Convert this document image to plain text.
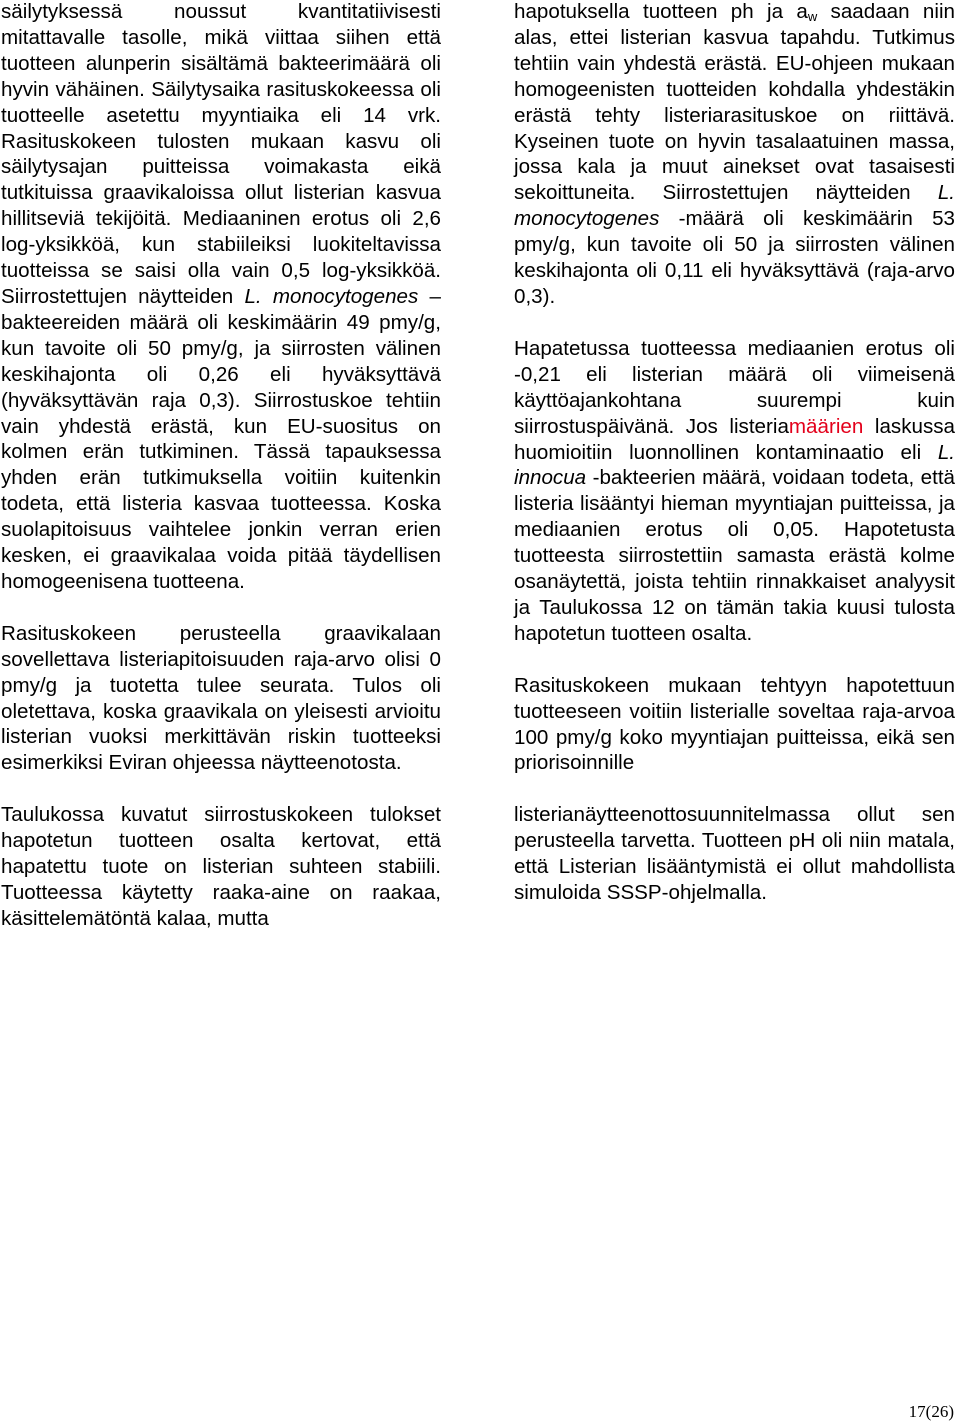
säilytyksessä noussut kvantitatiivisesti mitattavalle tasolle, mikä viittaa siihen että tuotteen alunperin sisältämä bakteerimäärä oli hyvin vähäinen. Säilytysaika rasituskokeessa oli tuotteelle asetettu myyntiaika eli 14 vrk. Rasituskokeen tulosten mukaan kasvu oli säilytysajan puitteissa voimakasta eikä tutkituissa graavikaloissa ollut listerian kasvua hillitseviä tekijöitä. Mediaaninen erotus oli 2,6 log-yksikköä, kun stabiileiksi luokiteltavissa tuotteissa se saisi olla vain 0,5 log-yksikköä. Siirrostettujen näytteiden L. monocytogenes –bakteereiden määrä oli keskimäärin 49 pmy/g, kun tavoite oli 50 pmy/g, ja siirrosten välinen keskihajonta oli 0,26 eli hyväksyttävä (hyväksyttävän raja 0,3). Siirrostuskoe tehtiin vain yhdestä erästä, kun EU-suositus on kolmen erän tutkiminen. Tässä tapauksessa yhden erän tutkimuksella voitiin kuitenkin todeta, että listeria kasvaa tuotteessa. Koska suolapitoisuus vaihtelee jonkin verran erien kesken, ei graavikalaa voida pitää täydellisen homogeenisena tuotteena.

Rasituskokeen perusteella graavikalaan sovellettava listeriapitoisuuden raja-arvo olisi 0 pmy/g ja tuotetta tulee seurata. Tulos oli oletettava, koska graavikala on yleisesti arvioitu listerian vuoksi merkittävän riskin tuotteeksi esimerkiksi Eviran ohjeessa näytteenotosta.

Taulukossa kuvatut siirrostuskokeen tulokset hapotetun tuotteen osalta kertovat, että hapatettu tuote on listerian suhteen stabiili. Tuotteessa käytetty raaka-aine on raakaa, käsittelemätöntä kalaa, mutta

hapotuksella tuotteen ph ja $a_w$ saadaan niin alas, ettei listerian kasvua tapahdu. Tutkimus tehtiin vain yhdestä erästä. EU-ohjeen mukaan homogeenisten tuotteiden kohdalla yhdestäkin erästä tehty listeriarasituskoe on riittävä. Kyseinen tuote on hyvin tasalaatuinen massa, jossa kala ja muut ainekset ovat tasaisesti sekoittuneita. Siirrostettujen näytteiden L. monocytogenes -määrä oli keskimäärin 53 pmy/g, kun tavoite oli 50 ja siirrosten välinen keskihajonta oli 0,11 eli hyväksyttävä (raja-arvo 0,3).

Hapatetussa tuotteessa mediaanien erotus oli -0,21 eli listerian määrä oli viimeisenä käyttöajankohtana suurempi kuin siirrostuspäivänä. Jos listeriamäärien laskussa huomioitiin luonnollinen kontaminaatio eli L. innocua -bakteerien määrä, voidaan todeta, että listeria lisääntyi hieman myyntiajan puitteissa, ja mediaanien erotus oli 0,05. Hapotetusta tuotteesta siirrostettiin samasta erästä kolme osanäytettä, joista tehtiin rinnakkaiset analyysit ja Taulukossa 12 on tämän takia kuusi tulosta hapotetun tuotteen osalta.

Rasituskokeen mukaan tehtyyn hapotettuun tuotteeseen voitiin listerialle soveltaa raja-arvoa 100 pmy/g koko myyntiajan puitteissa, eikä sen priorisoinnille

listerianäytteenottosuunnitelmassa ollut sen perusteella tarvetta. Tuotteen pH oli niin matala, että Listerian lisääntymistä ei ollut mahdollista simuloida SSSP-ohjelmalla.

17(26)
